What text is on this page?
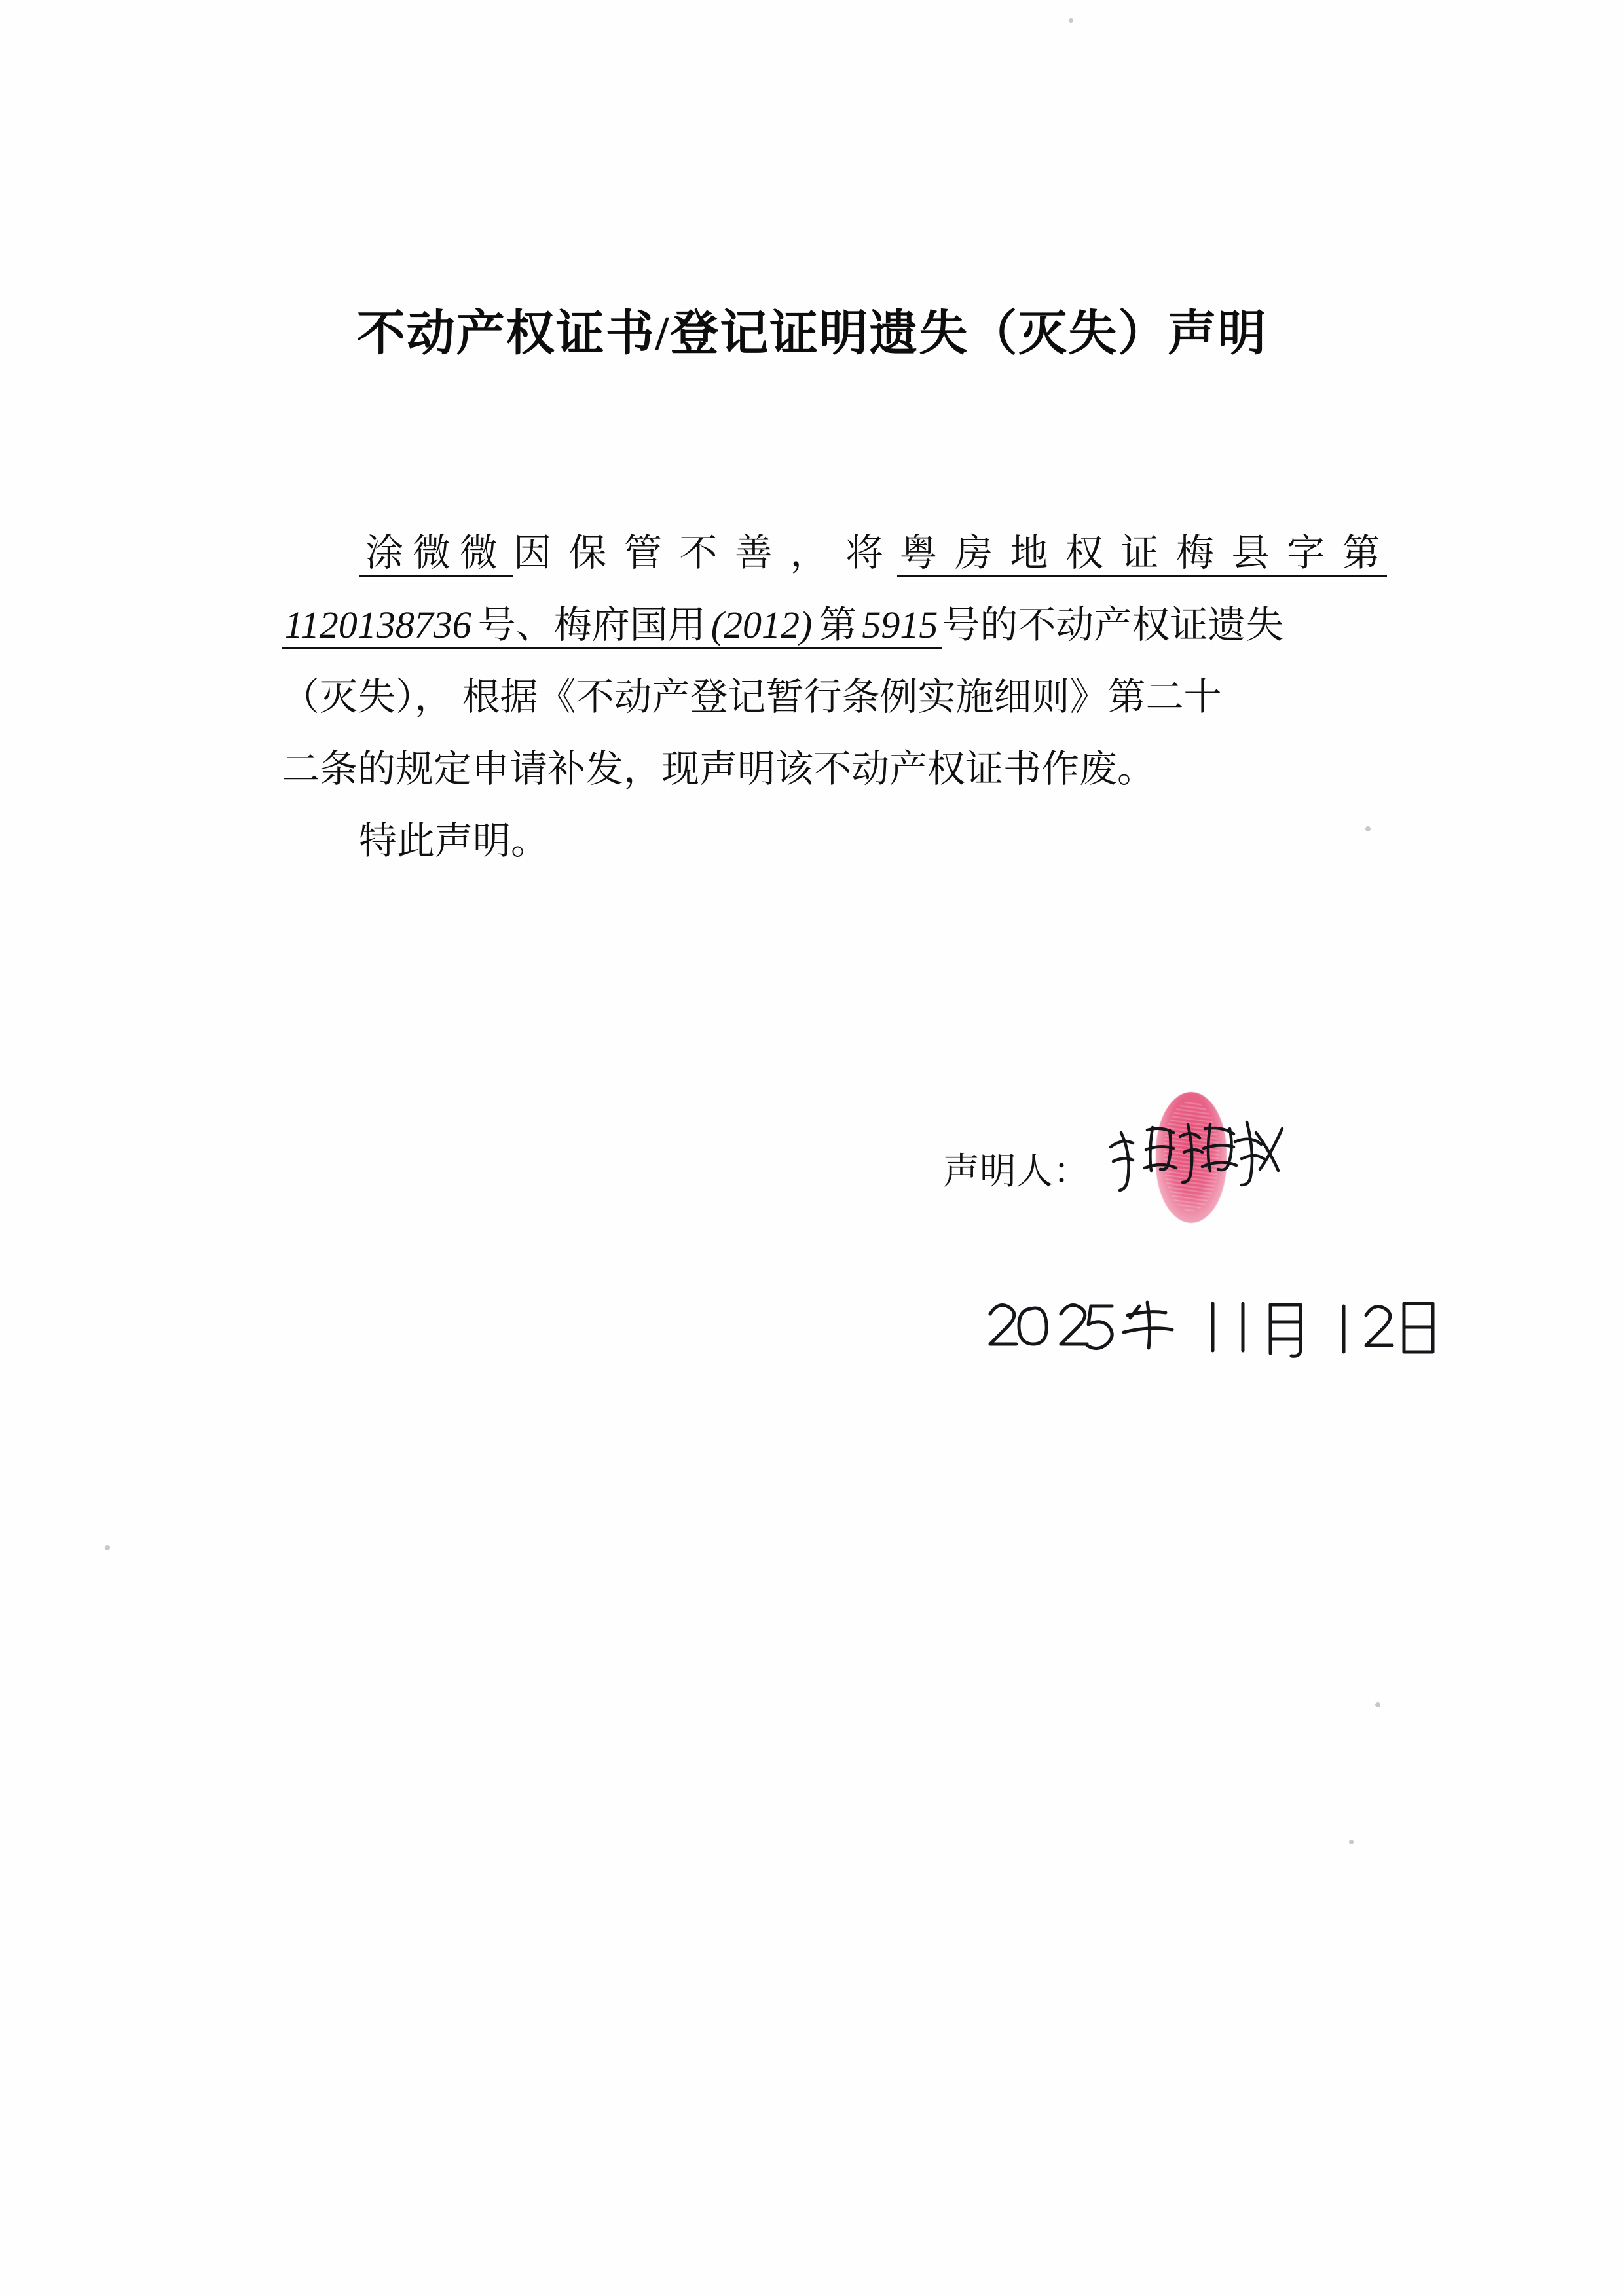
不动产权证书/登记证明遗失（灭失）声明
涂微微 因 保 管 不 善 ， 将 粤 房 地 权 证 梅 县 字 第
1120138736 号、梅府国用 (2012) 第 5915 号的不动产权证遗失
（灭失）， 根据《不动产登记暂行条例实施细则》第二十
二条的规定申请补发，现声明该不动产权证书作废。
特此声明。
声明人：
